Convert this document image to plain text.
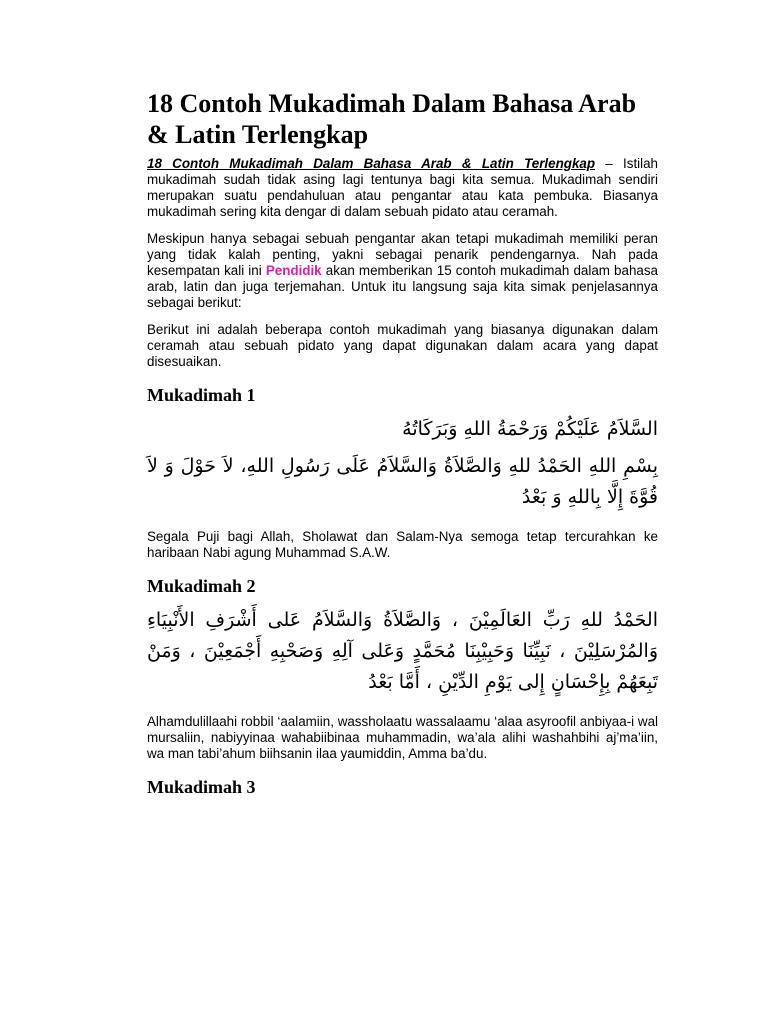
18 Contoh Mukadimah Dalam Bahasa Arab & Latin Terlengkap

18 Contoh Mukadimah Dalam Bahasa Arab & Latin Terlengkap – Istilah mukadimah sudah tidak asing lagi tentunya bagi kita semua. Mukadimah sendiri merupakan suatu pendahuluan atau pengantar atau kata pembuka. Biasanya mukadimah sering kita dengar di dalam sebuah pidato atau ceramah.

Meskipun hanya sebagai sebuah pengantar akan tetapi mukadimah memiliki peran yang tidak kalah penting, yakni sebagai penarik pendengarnya. Nah pada kesempatan kali ini Pendidik akan memberikan 15 contoh mukadimah dalam bahasa arab, latin dan juga terjemahan. Untuk itu langsung saja kita simak penjelasannya sebagai berikut:

Berikut ini adalah beberapa contoh mukadimah yang biasanya digunakan dalam ceramah atau sebuah pidato yang dapat digunakan dalam acara yang dapat disesuaikan.

Mukadimah 1
السَّلاَمُ عَلَيْكُمْ وَرَحْمَةُ اللهِ وَبَرَكَاتُهُ
بِسْمِ اللهِ الحَمْدُ للهِ وَالصَّلاَةُ وَالسَّلاَمُ عَلَى رَسُولِ اللهِ، لاَ حَوْلَ وَ لاَ قُوَّةَ إِلَّا بِاللهِ وَ بَعْدُ

Segala Puji bagi Allah, Sholawat dan Salam-Nya semoga tetap tercurahkan ke haribaan Nabi agung Muhammad S.A.W.

Mukadimah 2
الحَمْدُ للهِ رَبِّ العَالَمِيْنَ ، وَالصَّلاَةُ وَالسَّلاَمُ عَلى أَشْرَفِ الأَنْبِيَاءِ وَالمُرْسَلِيْنَ ، نَبِيِّنَا وَحَبِيْبِنَا مُحَمَّدٍ وَعَلى آلِهِ وَصَحْبِهِ أَجْمَعِيْنَ ، وَمَنْ تَبِعَهُمْ بِإِحْسَانٍ إِلى يَوْمِ الدِّيْنِ ، أَمَّا بَعْدُ

Alhamdulillaahi robbil ‘aalamiin, wassholaatu wassalaamu ‘alaa asyroofil anbiyaa-i wal mursaliin, nabiyyinaa wahabiibinaa muhammadin, wa’ala alihi washahbihi aj’ma’iin, wa man tabi’ahum biihsanin ilaa yaumiddin, Amma ba’du.

Mukadimah 3
